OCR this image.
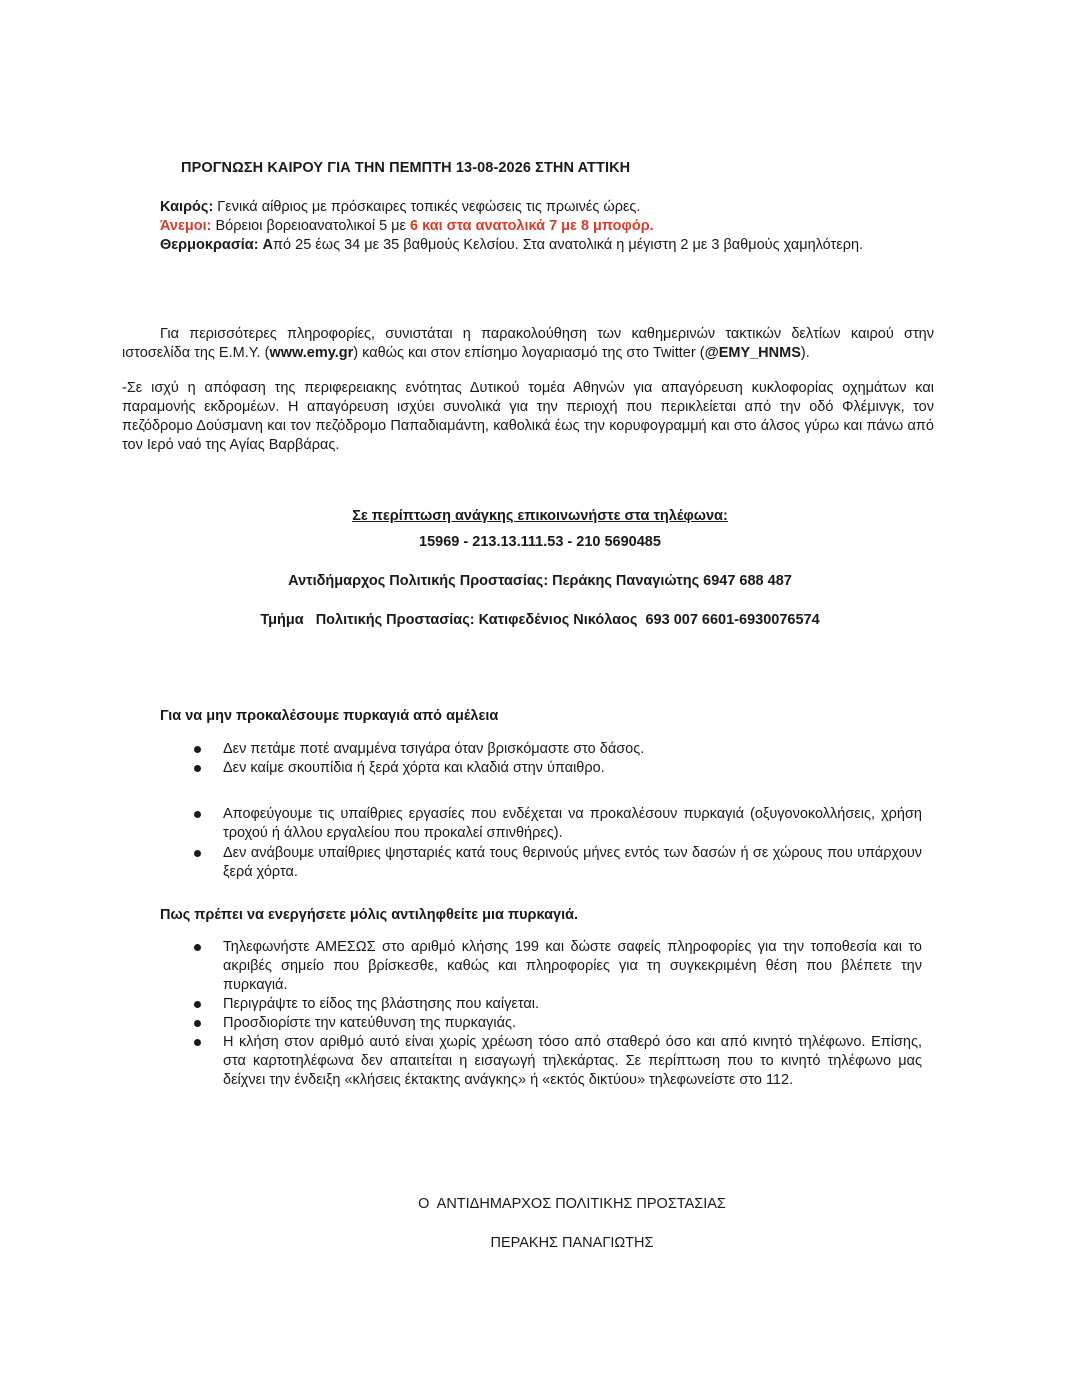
ΠΡΟΓΝΩΣΗ ΚΑΙΡΟΥ ΓΙΑ ΤΗΝ ΠΕΜΠΤΗ 13-08-2026 ΣΤΗΝ ΑΤΤΙΚΗ

Καιρός: Γενικά αίθριος με πρόσκαιρες τοπικές νεφώσεις τις πρωινές ώρες.

Άνεμοι: Βόρειοι βορειοανατολικοί 5 με 6 και στα ανατολικά 7 με 8 μποφόρ.

Θερμοκρασία: Aπό 25 έως 34 με 35 βαθμούς Κελσίου. Στα ανατολικά η μέγιστη 2 με 3 βαθμούς χαμηλότερη.

Για περισσότερες πληροφορίες, συνιστάται η παρακολούθηση των καθημερινών τακτικών δελτίων καιρού στην ιστοσελίδα της Ε.Μ.Υ. (www.emy.gr) καθώς και στον επίσημο λογαριασμό της στο Twitter (@EMY_HNMS).
-Σε ισχύ η απόφαση της περιφερειακης ενότητας Δυτικού τομέα Αθηνών για απαγόρευση κυκλοφορίας οχημάτων και παραμονής εκδρομέων. Η απαγόρευση ισχύει συνολικά για την περιοχή που περικλείεται από την οδό Φλέμινγκ, τον πεζόδρομο Δούσμανη και τον πεζόδρομο Παπαδιαμάντη, καθολικά έως την κορυφογραμμή και στο άλσος γύρω και πάνω από τον Ιερό ναό της Αγίας Βαρβάρας.
Σε περίπτωση ανάγκης επικοινωνήστε στα τηλέφωνα:
15969 - 213.13.111.53 - 210 5690485
Αντιδήμαρχος Πολιτικής Προστασίας: Περάκης Παναγιώτης 6947 688 487
Τμήμα   Πολιτικής Προστασίας: Κατιφεδένιος Νικόλαος  693 007 6601-6930076574
Για να μην προκαλέσουμε πυρκαγιά από αμέλεια
Δεν πετάμε ποτέ αναμμένα τσιγάρα όταν βρισκόμαστε στο δάσος.
Δεν καίμε σκουπίδια ή ξερά χόρτα και κλαδιά στην ύπαιθρο.
Αποφεύγουμε τις υπαίθριες εργασίες που ενδέχεται να προκαλέσουν πυρκαγιά (οξυγονοκολλήσεις, χρήση τροχού ή άλλου εργαλείου που προκαλεί σπινθήρες).
Δεν ανάβουμε υπαίθριες ψησταριές κατά τους θερινούς μήνες εντός των δασών ή σε χώρους που υπάρχουν ξερά χόρτα.
Πως πρέπει να ενεργήσετε μόλις αντιληφθείτε μια πυρκαγιά.
Τηλεφωνήστε ΑΜΕΣΩΣ στο αριθμό κλήσης 199 και δώστε σαφείς πληροφορίες για την τοποθεσία και το ακριβές σημείο που βρίσκεσθε, καθώς και πληροφορίες για τη συγκεκριμένη θέση που βλέπετε την πυρκαγιά.
Περιγράψτε το είδος της βλάστησης που καίγεται.
Προσδιορίστε την κατεύθυνση της πυρκαγιάς.
Η κλήση στον αριθμό αυτό είναι χωρίς χρέωση τόσο από σταθερό όσο και από κινητό τηλέφωνο. Επίσης, στα καρτοτηλέφωνα δεν απαιτείται η εισαγωγή τηλεκάρτας. Σε περίπτωση που το κινητό τηλέφωνο μας δείχνει την ένδειξη «κλήσεις έκτακτης ανάγκης» ή «εκτός δικτύου» τηλεφωνείστε στο 112.
Ο  ΑΝΤΙΔΗΜΑΡΧΟΣ ΠΟΛΙΤΙΚΗΣ ΠΡΟΣΤΑΣΙΑΣ
ΠΕΡΑΚΗΣ ΠΑΝΑΓΙΩΤΗΣ
